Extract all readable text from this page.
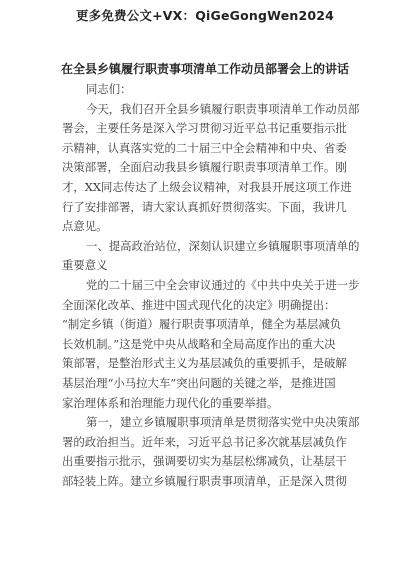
更多免费公文+VX：QiGeGongWen2024
在全县乡镇履行职责事项清单工作动员部署会上的讲话
同志们：
今天，我们召开全县乡镇履行职责事项清单工作动员部
署会，主要任务是深入学习贯彻习近平总书记重要指示批
示精神，认真落实党的二十届三中全会精神和中央、省委
决策部署，全面启动我县乡镇履行职责事项清单工作。刚
才，XX同志传达了上级会议精神，对我县开展这项工作进
行了安排部署，请大家认真抓好贯彻落实。下面，我讲几
点意见。
一、提高政治站位，深刻认识建立乡镇履职事项清单的
重要意义
党的二十届三中全会审议通过的《中共中央关于进一步
全面深化改革、推进中国式现代化的决定》明确提出：
“制定乡镇（街道）履行职责事项清单，健全为基层减负
长效机制。”这是党中央从战略和全局高度作出的重大决
策部署，是整治形式主义为基层减负的重要抓手，是破解
基层治理“小马拉大车”突出问题的关键之举，是推进国
家治理体系和治理能力现代化的重要举措。
第一，建立乡镇履职事项清单是贯彻落实党中央决策部
署的政治担当。近年来，习近平总书记多次就基层减负作
出重要指示批示，强调要切实为基层松绑减负，让基层干
部轻装上阵。建立乡镇履行职责事项清单，正是深入贯彻
